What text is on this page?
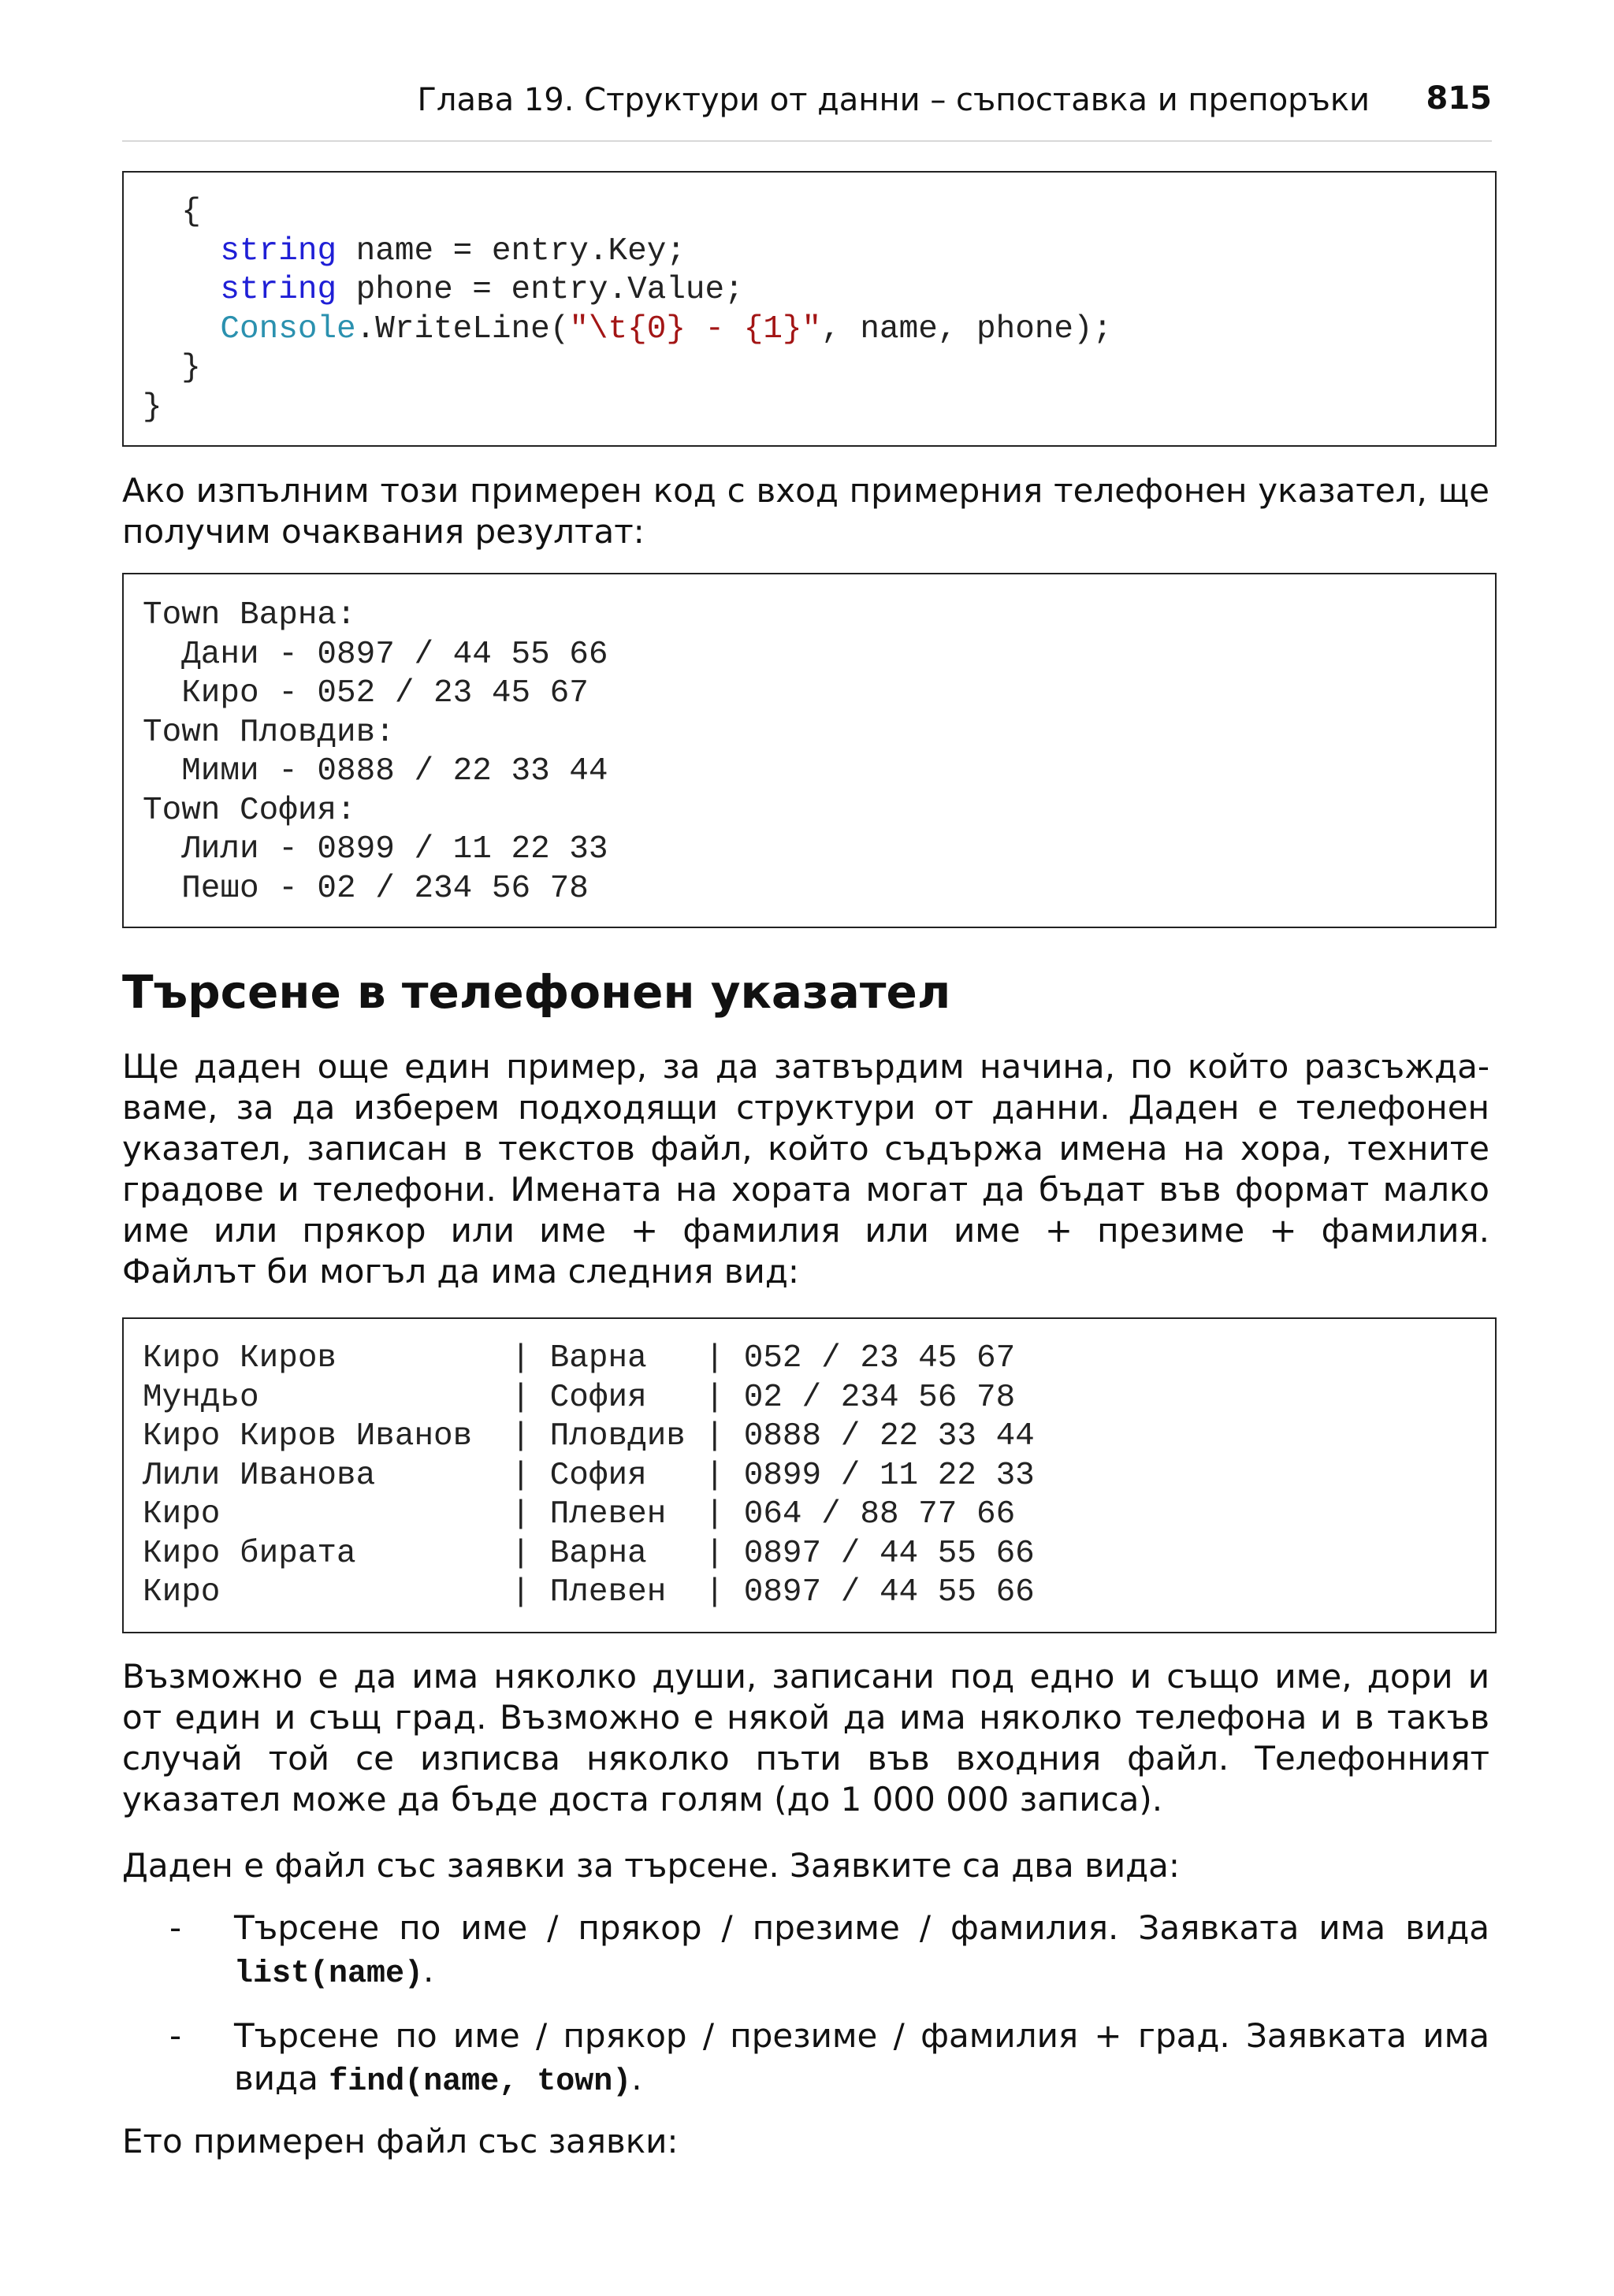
Глава 19. Структури от данни – съпоставка и препоръки 815
{
string name = entry.Key;
string phone = entry.Value;
Console.WriteLine("\t{0} - {1}", name, phone);
}
}

Ако изпълним този примерен код с вход примерния телефонен указател, ще получим очаквания резултат:

Town Варна:
Дани - 0897 / 44 55 66
Киро - 052 / 23 45 67
Town Пловдив:
Мими - 0888 / 22 33 44
Town София:
Лили - 0899 / 11 22 33
Пешо - 02 / 234 56 78
Търсене в телефонен указател
Ще даден още един пример, за да затвърдим начина, по който разсъжда-
ваме, за да изберем подходящи структури от данни. Даден е телефонен
указател, записан в текстов файл, който съдържа имена на хора, техните
градове и телефони. Имената на хората могат да бъдат във формат малко
име или прякор или име + фамилия или име + презиме + фамилия.
Файлът би могъл да има следния вид:
Киро Киров         | Варна   | 052 / 23 45 67
Мундьо             | София   | 02 / 234 56 78
Киро Киров Иванов  | Пловдив | 0888 / 22 33 44
Лили Иванова       | София   | 0899 / 11 22 33
Киро               | Плевен  | 064 / 88 77 66
Киро бирата        | Варна   | 0897 / 44 55 66
Киро               | Плевен  | 0897 / 44 55 66
Възможно е да има няколко души, записани под едно и също име, дори и
от един и същ град. Възможно е някой да има няколко телефона и в такъв
случай той се изписва няколко пъти във входния файл. Телефонният
указател може да бъде доста голям (до 1 000 000 записа).

Даден е файл със заявки за търсене. Заявките са два вида:

- Търсене по име / прякор / презиме / фамилия. Заявката има вида
list(name).
- Търсене по име / прякор / презиме / фамилия + град. Заявката има
вида find(name, town).

Ето примерен файл със заявки:
